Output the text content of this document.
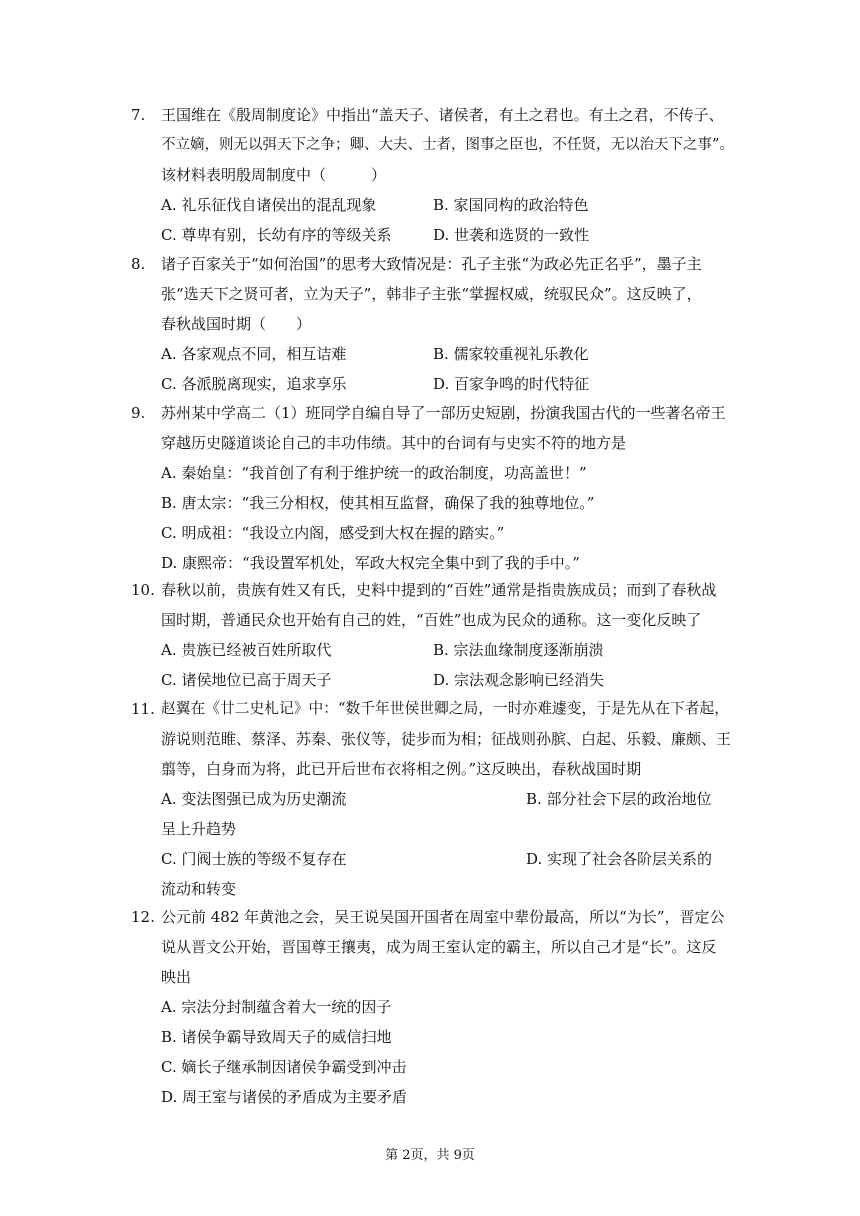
7.	王国维在《殷周制度论》中指出“盖天子、诸侯者，有土之君也。有土之君，不传子、
不立嫡，则无以弭天下之争；卿、大夫、士者，图事之臣也，不任贤，无以治天下之事”。
该材料表明殷周制度中（　　　）
A. 礼乐征伐自诸侯出的混乱现象	B. 家国同构的政治特色
C. 尊卑有别，长幼有序的等级关系	D. 世袭和选贤的一致性
8.	诸子百家关于“如何治国”的思考大致情况是：孔子主张“为政必先正名乎”，墨子主
张“选天下之贤可者，立为天子”，韩非子主张“掌握权威，统驭民众”。这反映了，
春秋战国时期（　　）
A. 各家观点不同，相互诘难	B. 儒家较重视礼乐教化
C. 各派脱离现实，追求享乐	D. 百家争鸣的时代特征
9.	苏州某中学高二（1）班同学自编自导了一部历史短剧，扮演我国古代的一些著名帝王
穿越历史隧道谈论自己的丰功伟绩。其中的台词有与史实不符的地方是
A. 秦始皇：“我首创了有利于维护统一的政治制度，功高盖世！”
B. 唐太宗：“我三分相权，使其相互监督，确保了我的独尊地位。”
C. 明成祖：“我设立内阁，感受到大权在握的踏实。”
D. 康熙帝：“我设置军机处，军政大权完全集中到了我的手中。”
10. 春秋以前，贵族有姓又有氏，史料中提到的“百姓”通常是指贵族成员；而到了春秋战
国时期，普通民众也开始有自己的姓，“百姓”也成为民众的通称。这一变化反映了
A. 贵族已经被百姓所取代	B. 宗法血缘制度逐渐崩溃
C. 诸侯地位已高于周天子	D. 宗法观念影响已经消失
11. 赵翼在《廿二史札记》中：“数千年世侯世卿之局，一时亦难遽变，于是先从在下者起，
游说则范睢、蔡泽、苏秦、张仪等，徒步而为相；征战则孙膑、白起、乐毅、廉颇、王
翦等，白身而为将，此已开后世布衣将相之例。”这反映出，春秋战国时期
A. 变法图强已成为历史潮流	B. 部分社会下层的政治地位
呈上升趋势
C. 门阀士族的等级不复存在	D. 实现了社会各阶层关系的
流动和转变
12. 公元前 482 年黄池之会，吴王说吴国开国者在周室中辈份最高，所以“为长”，晋定公
说从晋文公开始，晋国尊王攘夷，成为周王室认定的霸主，所以自己才是“长”。这反
映出
A. 宗法分封制蕴含着大一统的因子
B. 诸侯争霸导致周天子的威信扫地
C. 嫡长子继承制因诸侯争霸受到冲击
D. 周王室与诸侯的矛盾成为主要矛盾
第 2页，共 9页
